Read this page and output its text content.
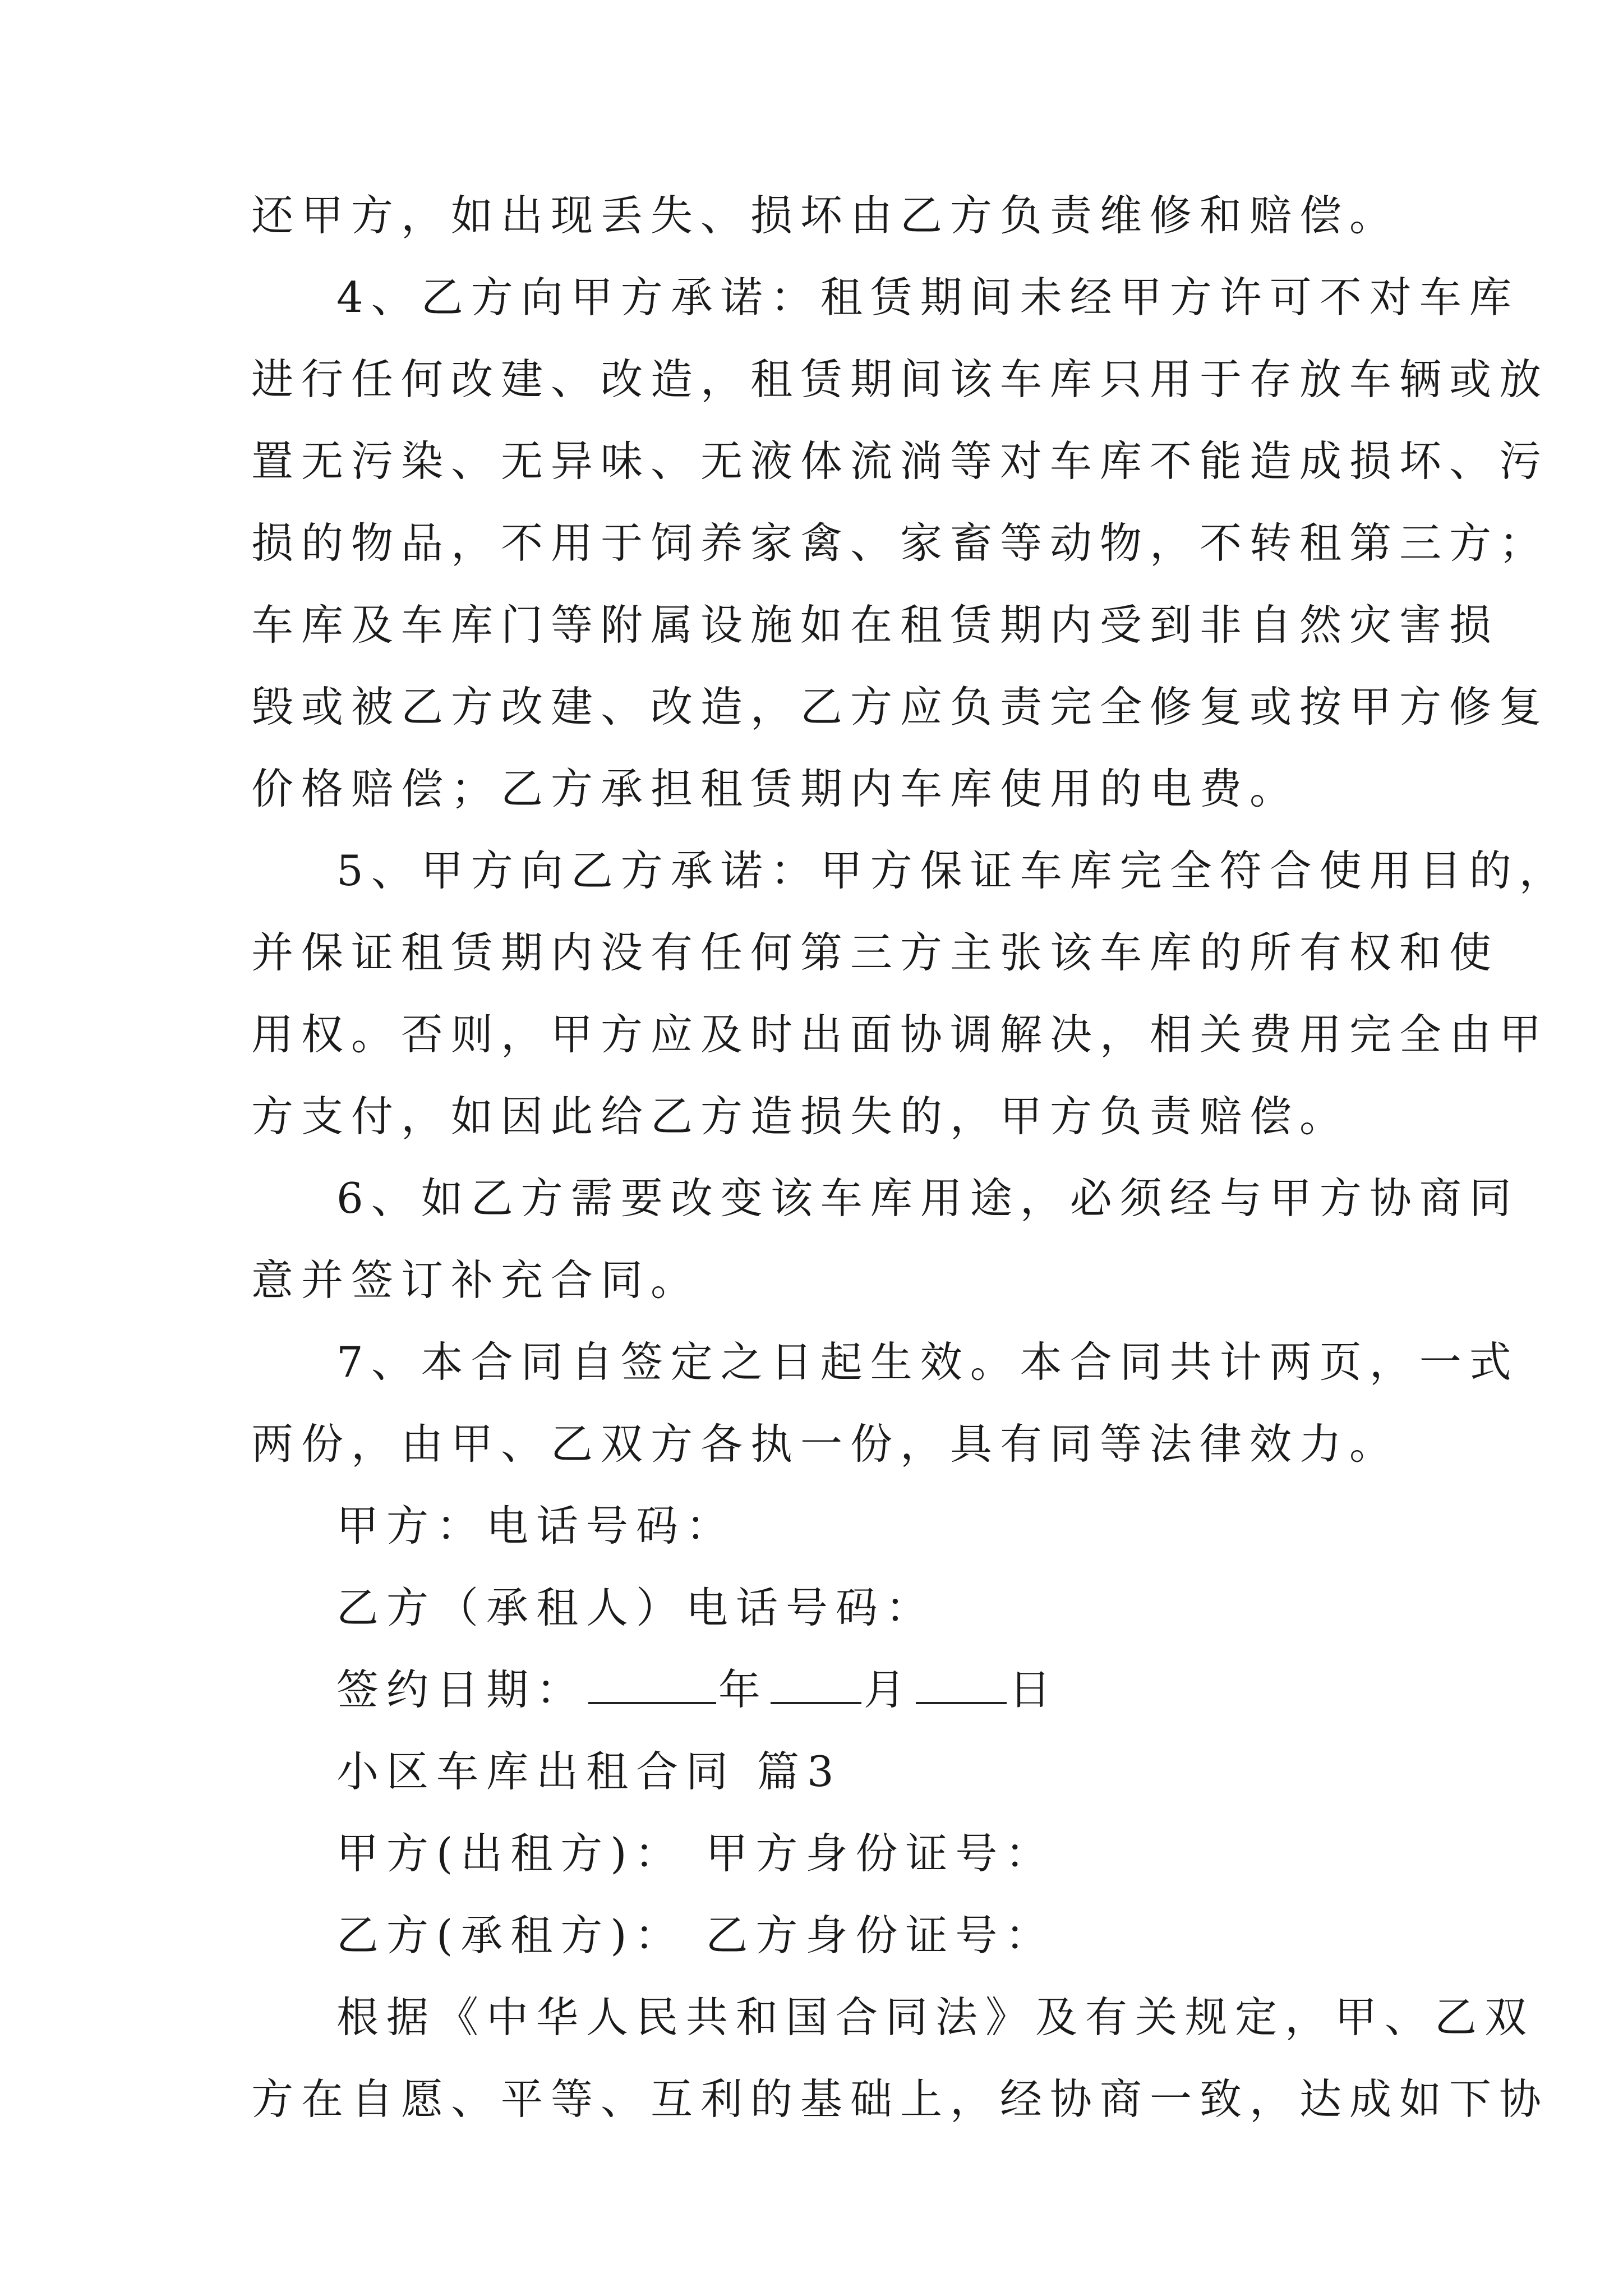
还甲方，如出现丢失、损坏由乙方负责维修和赔偿。
4、乙方向甲方承诺：租赁期间未经甲方许可不对车库
进行任何改建、改造，租赁期间该车库只用于存放车辆或放
置无污染、无异味、无液体流淌等对车库不能造成损坏、污
损的物品，不用于饲养家禽、家畜等动物，不转租第三方；
车库及车库门等附属设施如在租赁期内受到非自然灾害损
毁或被乙方改建、改造，乙方应负责完全修复或按甲方修复
价格赔偿；乙方承担租赁期内车库使用的电费。
5、甲方向乙方承诺：甲方保证车库完全符合使用目的，
并保证租赁期内没有任何第三方主张该车库的所有权和使
用权。否则，甲方应及时出面协调解决，相关费用完全由甲
方支付，如因此给乙方造损失的，甲方负责赔偿。
6、如乙方需要改变该车库用途，必须经与甲方协商同
意并签订补充合同。
7、本合同自签定之日起生效。本合同共计两页，一式
两份，由甲、乙双方各执一份，具有同等法律效力。
甲方：电话号码：
乙方（承租人）电话号码：
签约日期：	年 月 日
小区车库出租合同 篇3
甲方(出租方)： 甲方身份证号：
乙方(承租方)： 乙方身份证号：
根据《中华人民共和国合同法》及有关规定，甲、乙双
方在自愿、平等、互利的基础上，经协商一致，达成如下协
